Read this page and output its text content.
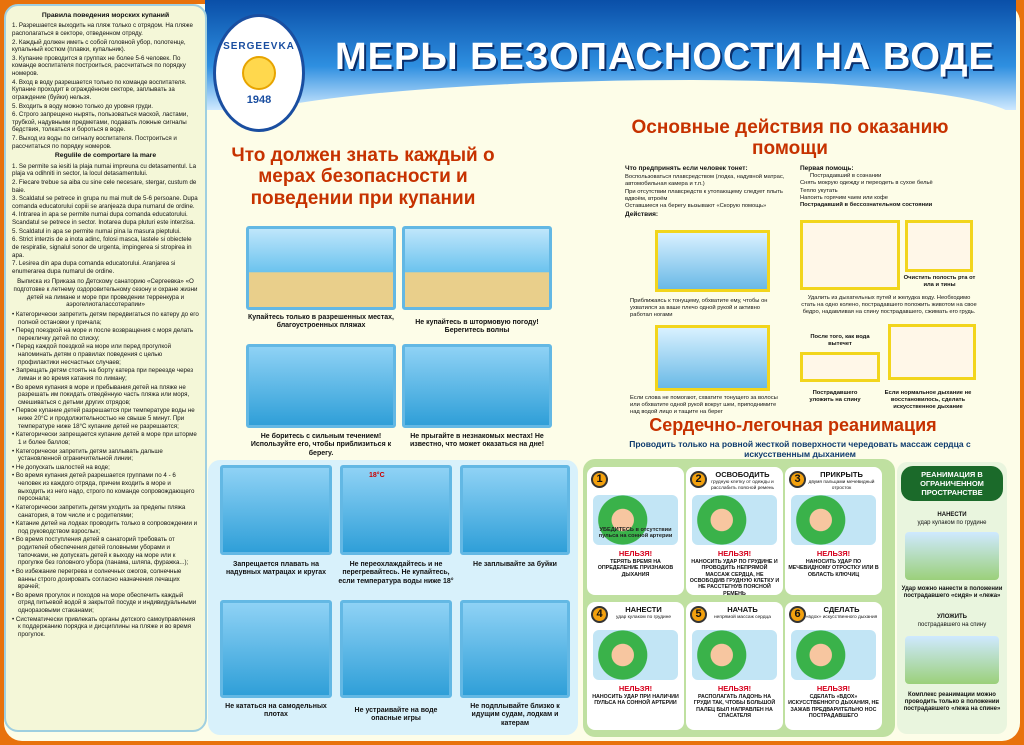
Правила поведения морских купаний

1. Разрешается выходить на пляж только с отрядом. На пляже располагаться в секторе, отведенном отряду.

2. Каждый должен иметь с собой головной убор, полотенце, купальный костюм (плавки, купальник).

3. Купание проводится в группах не более 5-6 человек. По команде воспитателя построиться, рассчитаться по порядку номеров.

4. Вход в воду разрешается только по команде воспитателя. Купание проходит в ограждённом секторе, заплывать за ограждение (буйки) нельзя.

5. Входить в воду можно только до уровня груди.

6. Строго запрещено нырять, пользоваться маской, ластами, трубкой, надувными предметами, подавать ложные сигналы бедствия, толкаться и бороться в воде.

7. Выход из воды по сигналу воспитателя. Построиться и рассчитаться по порядку номеров.

Regulile de comportare la mare

1. Se permite sa iesiti la plaja numai impreuna cu detasamentul. La plaja va odihniti in sector, la locul detasamentului.

2. Fiecare trebue sa aiba cu sine cele necesare, stergar, custum de baie.

3. Scaldatul se petrece in grupa nu mai mult de 5-6 persoane. Dupa comanda educatorului copiii se aranjeaza dupa numarul de ordine.

4. Intrarea in apa se permite numai dupa comanda educatorului. Scandatul se petrece in sector. Inotarea dupa pluturi este interzisa.

5. Scaldatul in apa se permite numai pina la masura pieptului.

6. Strict interzis de a inota adinc, folosi masca, lastele si obiectele de respiratie, signalul sonor de urgenta, impingerea si stropirea in apa.

7. Lesirea din apa dupa comanda educatorului. Aranjarea si enumerarea dupa numarul de ordine.

Выписка из Приказа по Детскому санаторию «Сергеевка» «О подготовке к летнему оздоровительному сезону и охране жизни детей на лимане и море при проведении терренкура и аэрогелиоталассотерапии»

• Категорически запретить детям передвигаться по катеру до его полной остановки у причала;

• Перед поездкой на море и после возвращения с моря делать перекличку детей по списку;

• Перед каждой поездкой на море или перед прогулкой напоминать детям о правилах поведения с целью профилактики несчастных случаев;

• Запрещать детям стоять на борту катера при переезде через лиман и во время катания по лиману;

• Во время купания в море и пребывания детей на пляже не разрешать им покидать отведённую часть пляжа или моря, смешиваться с детьми других отрядов;

• Первое купание детей разрешается при температуре воды не ниже 20°С и продолжительностью не свыше 5 минут. При температуре ниже 18°С купание детей не разрешается;

• Категорически запрещается купание детей в море при шторме 1 и более баллов;

• Категорически запретить детям заплывать дальше установленной ограничительной линии;

• Не допускать шалостей на воде;

• Во время купания детей разрешается группами по 4 - 6 человек из каждого отряда, причем входить в море и выходить из него надо, строго по команде сопровождающего персонала;

• Категорически запретить детям уходить за пределы пляжа санатория, в том числе и с родителями;

• Катание детей на лодках проводить только в сопровождении и под руководством взрослых;

• Во время поступления детей в санаторий требовать от родителей обеспечения детей головными уборами и тапочками, не допускать детей к выходу на море или к прогулке без головного убора (панама, шляпа, фуражка...);

• Во избежание перегрева и солнечных ожогов, солнечные ванны строго дозировать согласно назначения лечащих врачей;

• Во время прогулок и походов на море обеспечить каждый отряд питьевой водой в закрытой посуде и индивидуальными одноразовыми стаканами;

• Систематически привлекать органы детского самоуправления к поддержанию порядка и дисциплины на пляже и во время прогулок.

SERGEEVKA
1948
МЕРЫ БЕЗОПАСНОСТИ НА ВОДЕ
Что должен знать каждый о мерах безопасности и поведении при купании
Основные действия по оказанию помощи
Купайтесь только в разрешенных местах, благоустроенных пляжах	Не купайтесь в штормовую погоду! Берегитесь волны
Не боритесь с сильным течением! Используйте его, чтобы приблизиться к берегу.
Не прыгайте в незнакомых местах! Не известно, что может оказаться на дне!
Запрещается плавать на надувных матрацах и кругах
18°C
Не переохлаждайтесь и не перегревайтесь. Не купайтесь, если температура воды ниже 18°
Не заплывайте за буйки
Не кататься на самодельных плотах
Не устраивайте на воде опасные игры
Не подплывайте близко к идущим судам, лодкам и катерам
Что предпринять если человек тонет:

Воспользоваться плавсредством (лодка, надувной матрас, автомобильная камера и т.п.)

При отсутствии плавсредств к утопающему следует плыть вдвоём, втроём

Оставшиеся на берегу вызывают «Скорую помощь»

Действия:
Приближаясь к тонущему, обхватите ему, чтобы он ухватился за ваше плечо одной рукой и активно работал ногами
Если слова не помогают, схватите тонущего за волосы или обхватите одной рукой вокруг шеи, приподнимите над водой лицо и тащите на берег
Первая помощь:
Пострадавший в сознании

Снять мокрую одежду и переодеть в сухое бельё

Тепло укутать

Напоить горячим чаем или кофе

Пострадавший в бессознательном состоянии
Очистить полость рта от ила и тины
Удалить из дыхательных путей и желудка воду. Необходимо стать на одно колено, пострадавшего положить животом на свое бедро, надавливая на спину пострадавшего, сжимать его грудь.
После того, как вода вытечет
Пострадавшего уложить на спину
Если нормальное дыхание не восстановилось, сделать искусственное дыхание
Сердечно-легочная реанимация
Проводить только на ровной жесткой поверхности чередовать массаж сердца с искусственным дыханием
1
УБЕДИТЕСЬ в отсутствии пульса на сонной артерии
НЕЛЬЗЯ!
ТЕРЯТЬ ВРЕМЯ НА ОПРЕДЕЛЕНИЕ ПРИЗНАКОВ ДЫХАНИЯ
2	ОСВОБОДИТЬ
грудную клетку от одежды и расслабить поясной ремень
НЕЛЬЗЯ!
НАНОСИТЬ УДАР ПО ГРУДИНЕ И ПРОВОДИТЬ НЕПРЯМОЙ МАССАЖ СЕРДЦА, НЕ ОСВОБОДИВ ГРУДНУЮ КЛЕТКУ И НЕ РАССТЕГНУВ ПОЯСНОЙ РЕМЕНЬ
3	ПРИКРЫТЬ
двумя пальцами мечевидный отросток
НЕЛЬЗЯ!
НАНОСИТЬ УДАР ПО МЕЧЕВИДНОМУ ОТРОСТКУ ИЛИ В ОБЛАСТЬ КЛЮЧИЦ
4	НАНЕСТИ
удар кулаком по грудине
НЕЛЬЗЯ!
НАНОСИТЬ УДАР ПРИ НАЛИЧИИ ПУЛЬСА НА СОННОЙ АРТЕРИИ
5	НАЧАТЬ
непрямой массаж сердца
НЕЛЬЗЯ!
РАСПОЛАГАТЬ ЛАДОНЬ НА ГРУДИ ТАК, ЧТОБЫ БОЛЬШОЙ ПАЛЕЦ БЫЛ НАПРАВЛЕН НА СПАСАТЕЛЯ
6	СДЕЛАТЬ
«вдох» искусственного дыхания
НЕЛЬЗЯ!
СДЕЛАТЬ «ВДОХ» ИСКУССТВЕННОГО ДЫХАНИЯ, НЕ ЗАЖАВ ПРЕДВАРИТЕЛЬНО НОС ПОСТРАДАВШЕГО
РЕАНИМАЦИЯ В ОГРАНИЧЕННОМ ПРОСТРАНСТВЕ
НАНЕСТИ
удар кулаком по грудине
Удар можно нанести в положении пострадавшего «сидя» и «лежа»
УЛОЖИТЬ
пострадавшего на спину
Комплекс реанимации можно проводить только в положении пострадавшего «лежа на спине»
